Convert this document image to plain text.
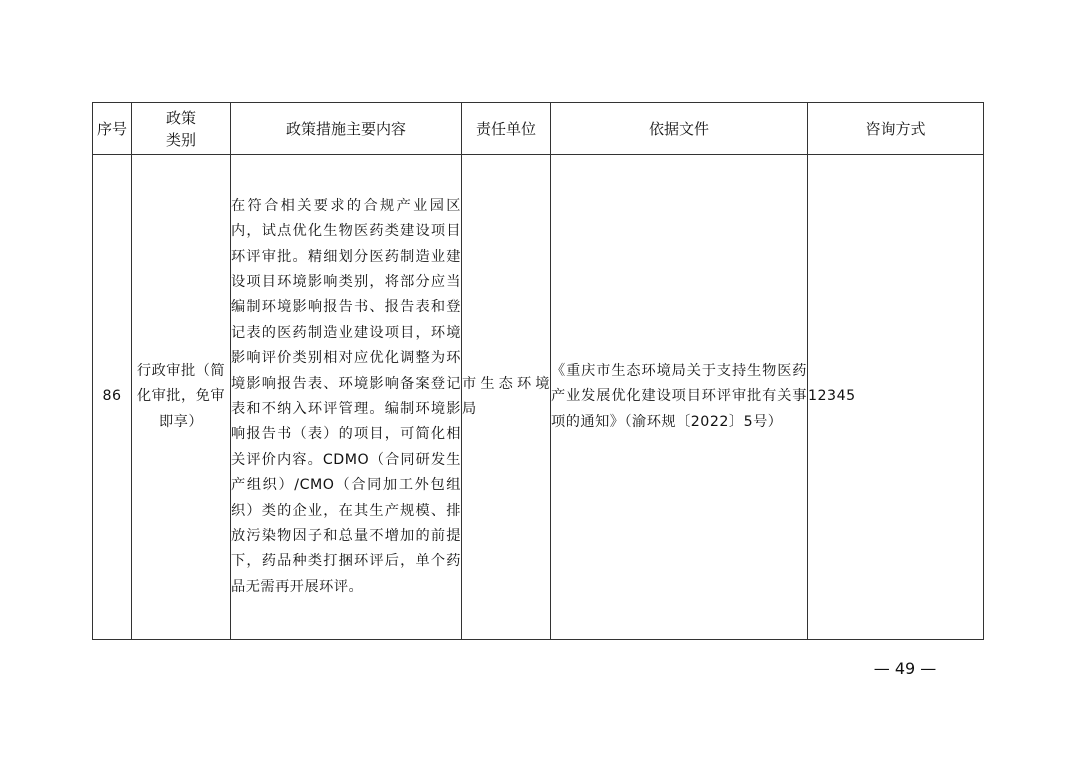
序号	政策类别	政策措施主要内容	责任单位	依据文件	咨询方式
86	行政审批（简化审批，免审即享）	在符合相关要求的合规产业园区内，试点优化生物医药类建设项目环评审批。精细划分医药制造业建设项目环境影响类别，将部分应当编制环境影响报告书、报告表和登记表的医药制造业建设项目，环境影响评价类别相对应优化调整为环境影响报告表、环境影响备案登记表和不纳入环评管理。编制环境影响报告书（表）的项目，可简化相关评价内容。CDMO（合同研发生产组织）/CMO（合同加工外包组织）类的企业，在其生产规模、排放污染物因子和总量不增加的前提下，药品种类打捆环评后，单个药品无需再开展环评。	市生态环境局	《重庆市生态环境局关于支持生物医药产业发展优化建设项目环评审批有关事项的通知》（渝环规〔2022〕5号）	12345
— 49 —
